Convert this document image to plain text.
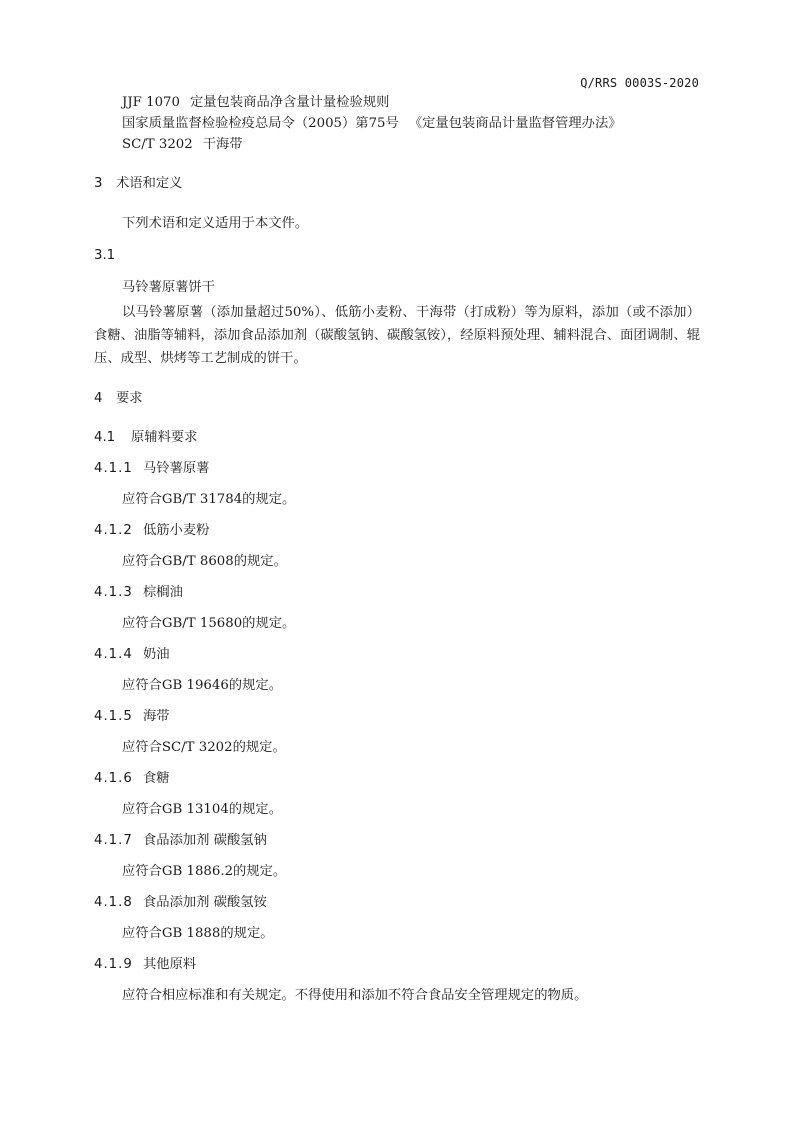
Q/RRS 0003S-2020
JJF 1070 定量包装商品净含量计量检验规则
国家质量监督检验检疫总局令（2005）第75号 《定量包装商品计量监督管理办法》
SC/T 3202 干海带
3 术语和定义
下列术语和定义适用于本文件。
3.1
马铃薯原薯饼干
以马铃薯原薯（添加量超过50%）、低筋小麦粉、干海带（打成粉）等为原料，添加（或不添加）食糖、油脂等辅料，添加食品添加剂（碳酸氢钠、碳酸氢铵），经原料预处理、辅料混合、面团调制、辊压、成型、烘烤等工艺制成的饼干。
4 要求
4.1 原辅料要求
4.1.1 马铃薯原薯
应符合GB/T 31784的规定。
4.1.2 低筋小麦粉
应符合GB/T 8608的规定。
4.1.3 棕榈油
应符合GB/T 15680的规定。
4.1.4 奶油
应符合GB 19646的规定。
4.1.5 海带
应符合SC/T 3202的规定。
4.1.6 食糖
应符合GB 13104的规定。
4.1.7 食品添加剂 碳酸氢钠
应符合GB 1886.2的规定。
4.1.8 食品添加剂 碳酸氢铵
应符合GB 1888的规定。
4.1.9 其他原料
应符合相应标准和有关规定。不得使用和添加不符合食品安全管理规定的物质。
